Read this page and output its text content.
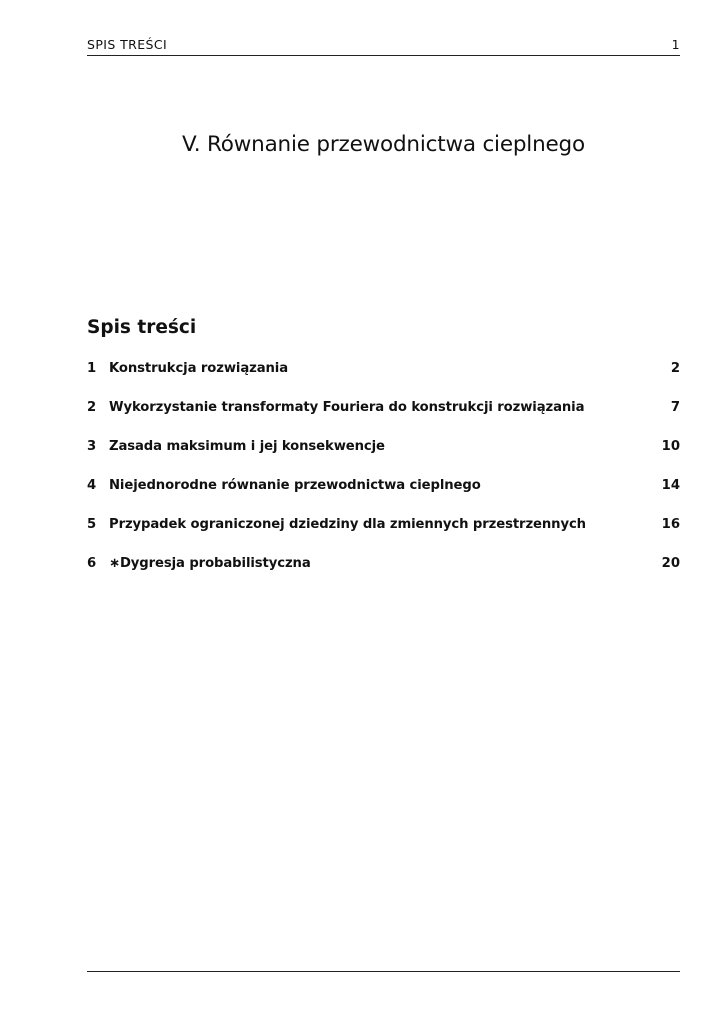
SPIS TREŚCI	1
V. Równanie przewodnictwa cieplnego
Spis treści
1 Konstrukcja rozwiązania	2
2 Wykorzystanie transformaty Fouriera do konstrukcji rozwiązania	7
3 Zasada maksimum i jej konsekwencje	10
4 Niejednorodne równanie przewodnictwa cieplnego	14
5 Przypadek ograniczonej dziedziny dla zmiennych przestrzennych	16
6 ∗Dygresja probabilistyczna	20
